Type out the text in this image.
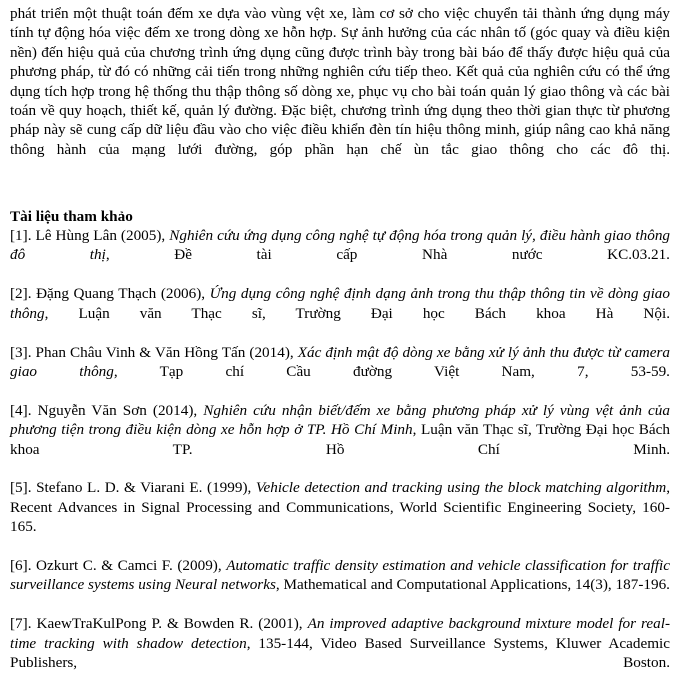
phát triển một thuật toán đếm xe dựa vào vùng vệt xe, làm cơ sở cho việc chuyển tải thành ứng dụng máy tính tự động hóa việc đếm xe trong dòng xe hỗn hợp. Sự ảnh hưởng của các nhân tố (góc quay và điều kiện nền) đến hiệu quả của chương trình ứng dụng cũng được trình bày trong bài báo để thấy được hiệu quả của phương pháp, từ đó có những cải tiến trong những nghiên cứu tiếp theo. Kết quả của nghiên cứu có thể ứng dụng tích hợp trong hệ thống thu thập thông số dòng xe, phục vụ cho bài toán quản lý giao thông và các bài toán về quy hoạch, thiết kế, quản lý đường. Đặc biệt, chương trình ứng dụng theo thời gian thực từ phương pháp này sẽ cung cấp dữ liệu đầu vào cho việc điều khiển đèn tín hiệu thông minh, giúp nâng cao khả năng thông hành của mạng lưới đường, góp phần hạn chế ùn tắc giao thông cho các đô thị.

Tài liệu tham khảo

[1]. Lê Hùng Lân (2005), Nghiên cứu ứng dụng công nghệ tự động hóa trong quản lý, điều hành giao thông đô thị, Đề tài cấp Nhà nước KC.03.21.

[2]. Đặng Quang Thạch (2006), Ứng dụng công nghệ định dạng ảnh trong thu thập thông tin về dòng giao thông, Luận văn Thạc sĩ, Trường Đại học Bách khoa Hà Nội.

[3]. Phan Châu Vinh & Văn Hồng Tấn (2014), Xác định mật độ dòng xe bằng xử lý ảnh thu được từ camera giao thông, Tạp chí Cầu đường Việt Nam, 7, 53-59.

[4]. Nguyễn Văn Sơn (2014), Nghiên cứu nhận biết/đếm xe bằng phương pháp xử lý vùng vệt ảnh của phương tiện trong điều kiện dòng xe hỗn hợp ở TP. Hồ Chí Minh, Luận văn Thạc sĩ, Trường Đại học Bách khoa TP. Hồ Chí Minh.

[5]. Stefano L. D. & Viarani E. (1999), Vehicle detection and tracking using the block matching algorithm, Recent Advances in Signal Processing and Communications, World Scientific Engineering Society, 160-165.

[6]. Ozkurt C. & Camci F. (2009), Automatic traffic density estimation and vehicle classification for traffic surveillance systems using Neural networks, Mathematical and Computational Applications, 14(3), 187-196.

[7]. KaewTraKulPong P. & Bowden R. (2001), An improved adaptive background mixture model for real-time tracking with shadow detection, 135-144, Video Based Surveillance Systems, Kluwer Academic Publishers, Boston.
